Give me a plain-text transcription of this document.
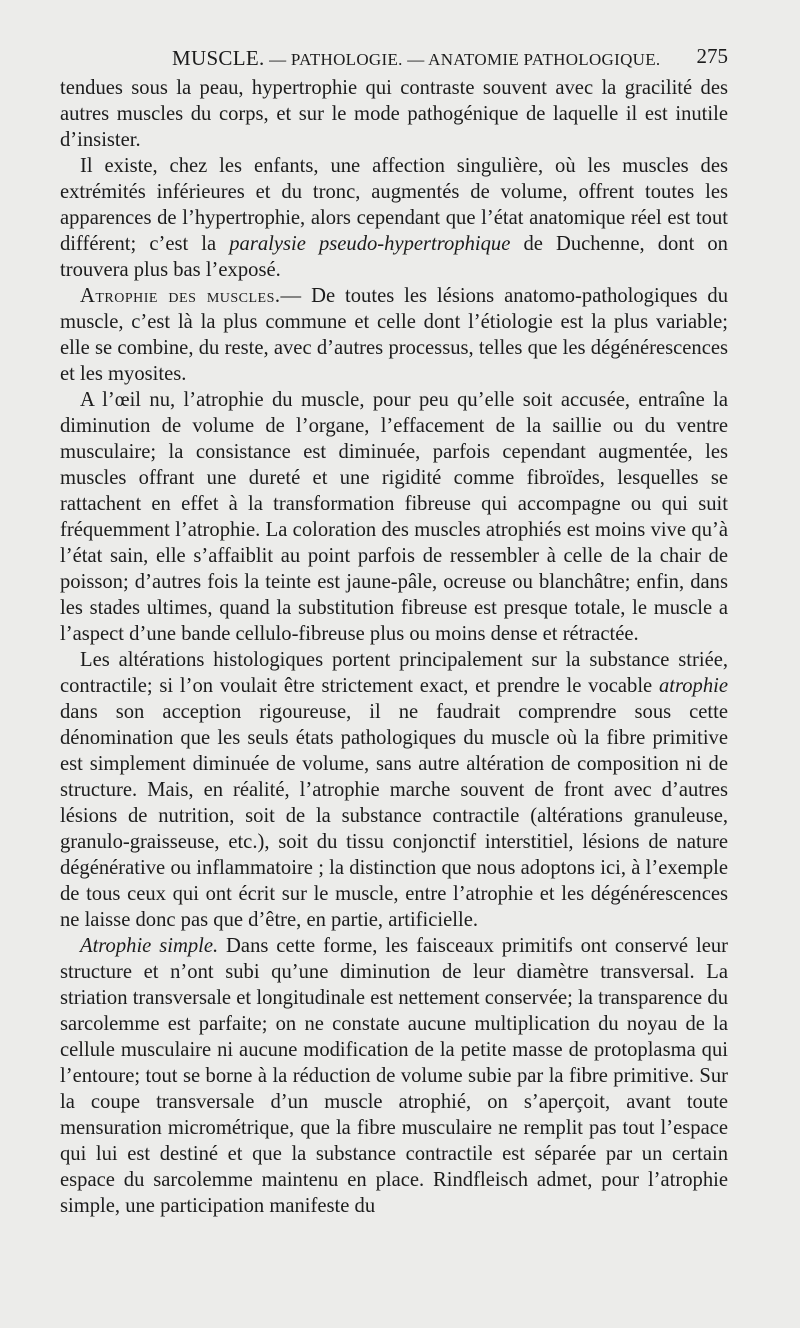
MUSCLE. — PATHOLOGIE. — ANATOMIE PATHOLOGIQUE. 275

tendues sous la peau, hypertrophie qui contraste souvent avec la gracilité des autres muscles du corps, et sur le mode pathogénique de laquelle il est inutile d’insister.

Il existe, chez les enfants, une affection singulière, où les muscles des extrémités inférieures et du tronc, augmentés de volume, offrent toutes les apparences de l’hypertrophie, alors cependant que l’état anatomique réel est tout différent; c’est la paralysie pseudo-hypertrophique de Duchenne, dont on trouvera plus bas l’exposé.

Atrophie des muscles.— De toutes les lésions anatomo-pathologiques du muscle, c’est là la plus commune et celle dont l’étiologie est la plus variable; elle se combine, du reste, avec d’autres processus, telles que les dégénérescences et les myosites.

A l’œil nu, l’atrophie du muscle, pour peu qu’elle soit accusée, entraîne la diminution de volume de l’organe, l’effacement de la saillie ou du ventre musculaire; la consistance est diminuée, parfois cependant augmentée, les muscles offrant une dureté et une rigidité comme fibroïdes, lesquelles se rattachent en effet à la transformation fibreuse qui accompagne ou qui suit fréquemment l’atrophie. La coloration des muscles atrophiés est moins vive qu’à l’état sain, elle s’affaiblit au point parfois de ressembler à celle de la chair de poisson; d’autres fois la teinte est jaune-pâle, ocreuse ou blanchâtre; enfin, dans les stades ultimes, quand la substitution fibreuse est presque totale, le muscle a l’aspect d’une bande cellulo-fibreuse plus ou moins dense et rétractée.

Les altérations histologiques portent principalement sur la substance striée, contractile; si l’on voulait être strictement exact, et prendre le vocable atrophie dans son acception rigoureuse, il ne faudrait comprendre sous cette dénomination que les seuls états pathologiques du muscle où la fibre primitive est simplement diminuée de volume, sans autre altération de composition ni de structure. Mais, en réalité, l’atrophie marche souvent de front avec d’autres lésions de nutrition, soit de la substance contractile (altérations granuleuse, granulo-graisseuse, etc.), soit du tissu conjonctif interstitiel, lésions de nature dégénérative ou inflammatoire ; la distinction que nous adoptons ici, à l’exemple de tous ceux qui ont écrit sur le muscle, entre l’atrophie et les dégénérescences ne laisse donc pas que d’être, en partie, artificielle.

Atrophie simple. Dans cette forme, les faisceaux primitifs ont conservé leur structure et n’ont subi qu’une diminution de leur diamètre transversal. La striation transversale et longitudinale est nettement conservée; la transparence du sarcolemme est parfaite; on ne constate aucune multiplication du noyau de la cellule musculaire ni aucune modification de la petite masse de protoplasma qui l’entoure; tout se borne à la réduction de volume subie par la fibre primitive. Sur la coupe transversale d’un muscle atrophié, on s’aperçoit, avant toute mensuration micrométrique, que la fibre musculaire ne remplit pas tout l’espace qui lui est destiné et que la substance contractile est séparée par un certain espace du sarcolemme maintenu en place. Rindfleisch admet, pour l’atrophie simple, une participation manifeste du
